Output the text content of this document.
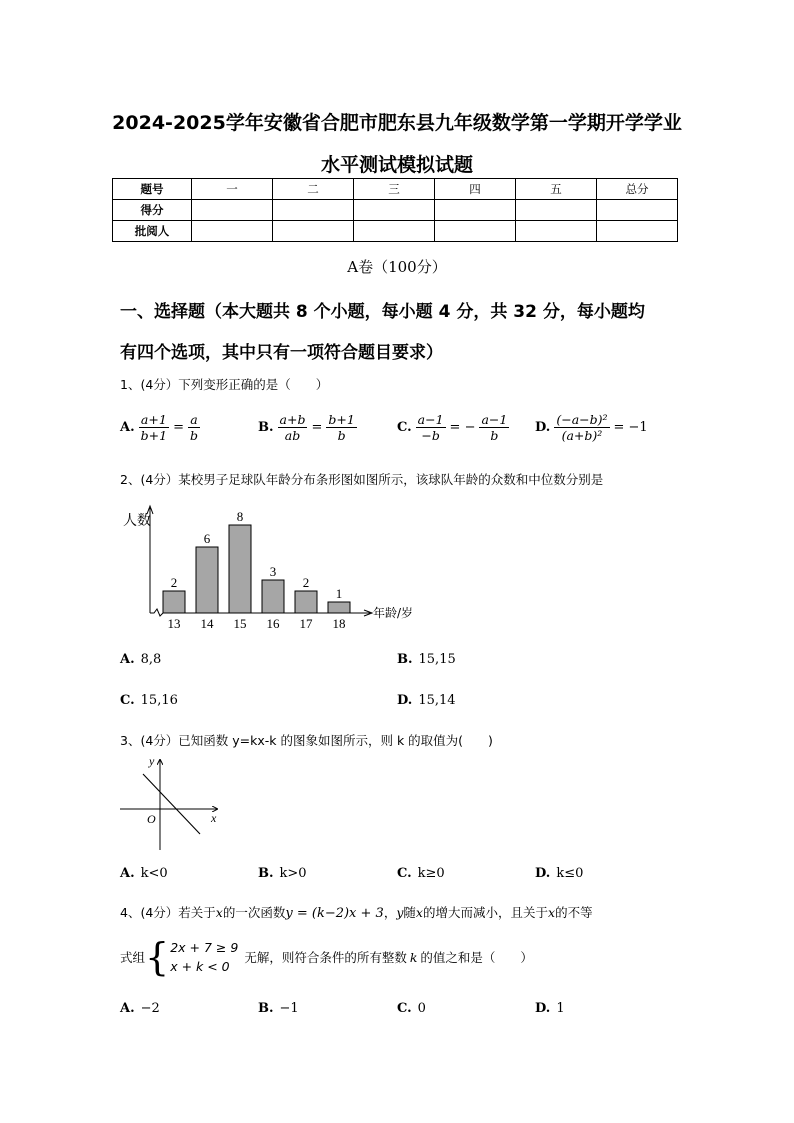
2024-2025学年安徽省合肥市肥东县九年级数学第一学期开学学业
水平测试模拟试题
题号	一	二	三	四	五	总分
得分						
批阅人						
A卷（100分）
一、选择题（本大题共 8 个小题，每小题 4 分，共 32 分，每小题均
有四个选项，其中只有一项符合题目要求）
1、(4分）下列变形正确的是（　　）
A. $\frac{a+1}{b+1} = \frac{a}{b}$	B. $\frac{a+b}{ab} = \frac{b+1}{b}$	C. $\frac{a-1}{-b}$ = − $\frac{a-1}{b} D$. $\frac{\text{(−a−b)²}}{\text{(a+b)²}} = -1$
2、(4分）某校男子足球队年龄分布条形图如图所示，该球队年龄的众数和中位数分别是
2
13
6
14
8
15
3
16
2
17
1
18
人数
年龄/岁
A. 8,8	B. 15,15
C. 15,16	D. 15,14
3、(4分）已知函数 y=kx-k 的图象如图所示，则 k 的取值为(　　)
y
x
O
A. k<0	B. k>0	C. k≥0	D. k≤0
4、(4分）若关于x的一次函数y = (k−2)x + 3，y随x的增大而减小，且关于x的不等
式组 { 2x + 7 ≥ 9
x + k < 0
无解，则符合条件的所有整数 k 的值之和是（　　）
A. −2	B. −1	C. 0	D. 1
